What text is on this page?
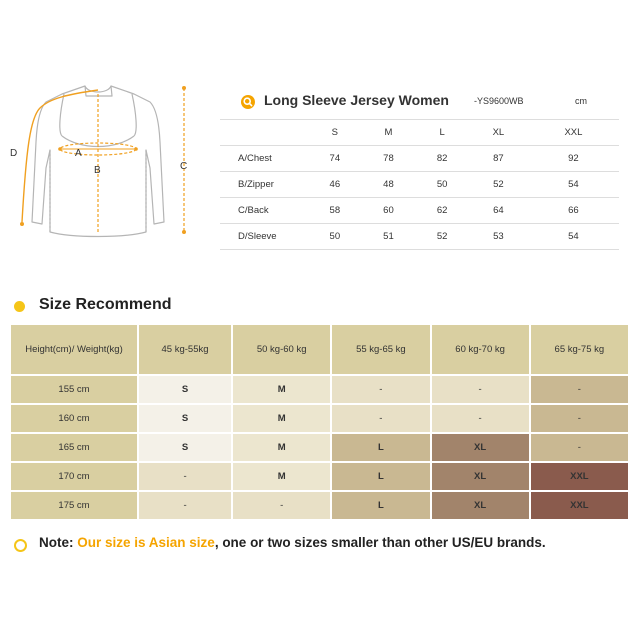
A
B	C
D
Long Sleeve Jersey Women	-YS9600WB	cm
	S	M	L	XL	XXL
A/Chest	74	78	82	87	92
B/Zipper	46	48	50	52	54
C/Back	58	60	62	64	66
D/Sleeve	50	51	52	53	54
Size Recommend
Height(cm)/ Weight(kg)	45 kg-55kg	50 kg-60 kg	55 kg-65 kg	60 kg-70 kg	65 kg-75 kg
155 cm	S	M	-	-	-
160 cm	S	M	-	-	-
165 cm	S	M	L	XL	-
170 cm	-	M	L	XL	XXL
175 cm	-	-	L	XL	XXL
Note: Our size is Asian size, one or two sizes smaller than other US/EU brands.
